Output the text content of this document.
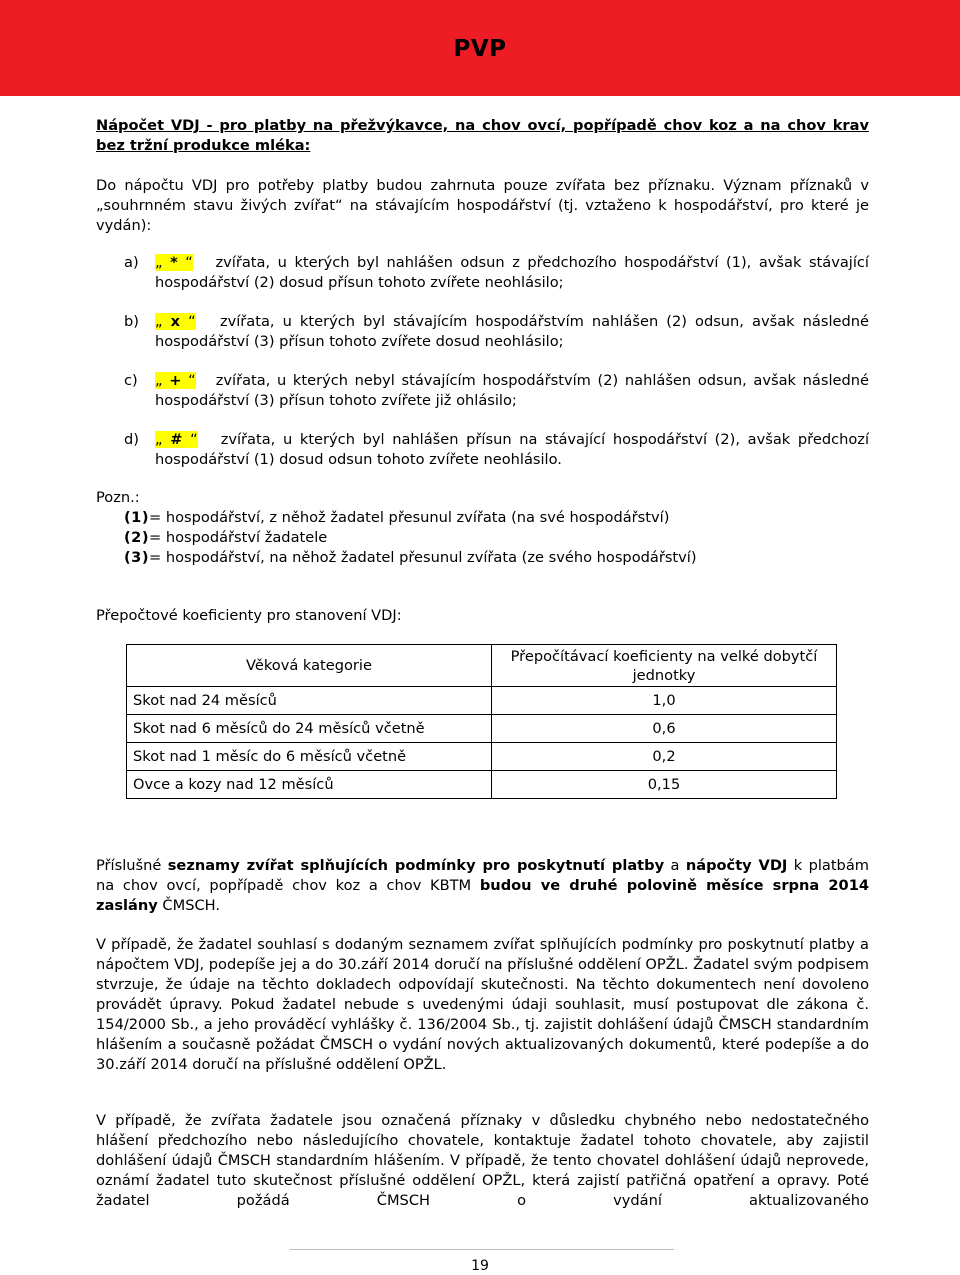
PVP
Nápočet VDJ - pro platby na přežvýkavce, na chov ovcí, popřípadě chov koz a na chov krav bez tržní produkce mléka:
Do nápočtu VDJ pro potřeby platby budou zahrnuta pouze zvířata bez příznaku. Význam příznaků v „souhrnném stavu živých zvířat“ na stávajícím hospodářství (tj. vztaženo k hospodářství, pro které je vydán):
a) „ * “ zvířata, u kterých byl nahlášen odsun z předchozího hospodářství (1), avšak stávající hospodářství (2) dosud přísun tohoto zvířete neohlásilo;
b) „ x “ zvířata, u kterých byl stávajícím hospodářstvím nahlášen (2) odsun, avšak následné hospodářství (3) přísun tohoto zvířete dosud neohlásilo;
c) „ + “ zvířata, u kterých nebyl stávajícím hospodářstvím (2) nahlášen odsun, avšak následné hospodářství (3) přísun tohoto zvířete již ohlásilo;
d) „ # “ zvířata, u kterých byl nahlášen přísun na stávající hospodářství (2), avšak předchozí hospodářství (1) dosud odsun tohoto zvířete neohlásilo.
Pozn.:
(1)= hospodářství, z něhož žadatel přesunul zvířata (na své hospodářství)
(2)= hospodářství žadatele
(3)= hospodářství, na něhož žadatel přesunul zvířata (ze svého hospodářství)
Přepočtové koeficienty pro stanovení VDJ:
Věková kategorie	Přepočítávací koeficienty na velké dobytčí jednotky
Skot nad 24 měsíců	1,0
Skot nad 6 měsíců do 24 měsíců včetně	0,6
Skot nad 1 měsíc do 6 měsíců včetně	0,2
Ovce a kozy nad 12 měsíců	0,15
Příslušné seznamy zvířat splňujících podmínky pro poskytnutí platby a nápočty VDJ k platbám na chov ovcí, popřípadě chov koz a chov KBTM budou ve druhé polovině měsíce srpna 2014 zaslány ČMSCH.
V případě, že žadatel souhlasí s dodaným seznamem zvířat splňujících podmínky pro poskytnutí platby a nápočtem VDJ, podepíše jej a do 30.září 2014 doručí na příslušné oddělení OPŽL. Žadatel svým podpisem stvrzuje, že údaje na těchto dokladech odpovídají skutečnosti. Na těchto dokumentech není dovoleno provádět úpravy. Pokud žadatel nebude s uvedenými údaji souhlasit, musí postupovat dle zákona č. 154/2000 Sb., a jeho prováděcí vyhlášky č. 136/2004 Sb., tj. zajistit dohlášení údajů ČMSCH standardním hlášením a současně požádat ČMSCH o vydání nových aktualizovaných dokumentů, které podepíše a do 30.září 2014 doručí na příslušné oddělení OPŽL.
V případě, že zvířata žadatele jsou označená příznaky v důsledku chybného nebo nedostatečného hlášení předchozího nebo následujícího chovatele, kontaktuje žadatel tohoto chovatele, aby zajistil dohlášení údajů ČMSCH standardním hlášením. V případě, že tento chovatel dohlášení údajů neprovede, oznámí žadatel tuto skutečnost příslušné oddělení OPŽL, která zajistí patřičná opatření a opravy. Poté žadatel požádá ČMSCH o vydání aktualizovaného
19
